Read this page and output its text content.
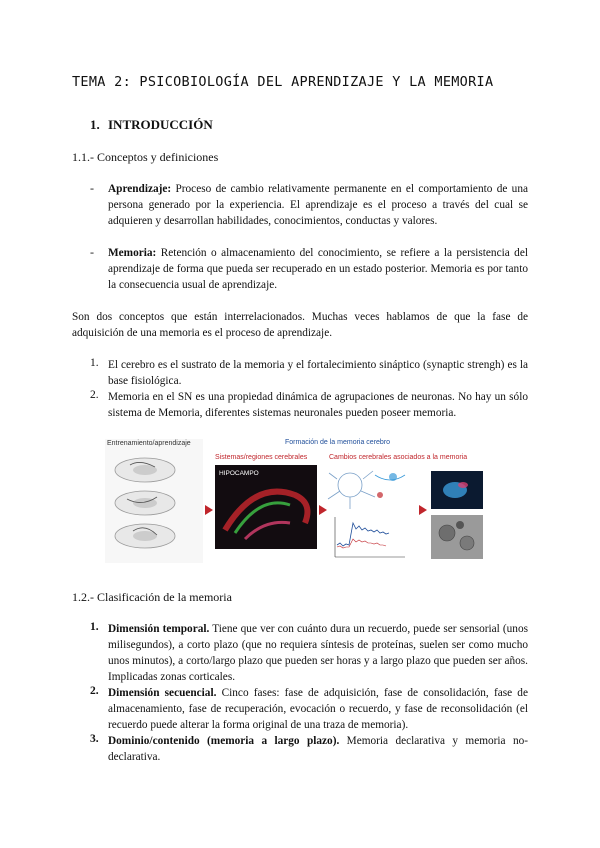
TEMA 2: PSICOBIOLOGÍA DEL APRENDIZAJE Y LA MEMORIA
1. INTRODUCCIÓN
1.1.- Conceptos y definiciones
- Aprendizaje: Proceso de cambio relativamente permanente en el comportamiento de una persona generado por la experiencia. El aprendizaje es el proceso a través del cual se adquieren y desarrollan habilidades, conocimientos, conductas y valores.
- Memoria: Retención o almacenamiento del conocimiento, se refiere a la persistencia del aprendizaje de forma que pueda ser recuperado en un estado posterior. Memoria es por tanto la consecuencia usual de aprendizaje.
Son dos conceptos que están interrelacionados. Muchas veces hablamos de que la fase de adquisición de una memoria es el proceso de aprendizaje.
1. El cerebro es el sustrato de la memoria y el fortalecimiento sináptico (synaptic strengh) es la base fisiológica.
2. Memoria en el SN es una propiedad dinámica de agrupaciones de neuronas. No hay un sólo sistema de Memoria, diferentes sistemas neuronales pueden poseer memoria.
Entrenamiento/aprendizaje	Formación de la memoria cerebro
Sistemas/regiones cerebrales	Cambios cerebrales asociados a la memoria
HIPOCAMPO
1.2.- Clasificación de la memoria
1. Dimensión temporal. Tiene que ver con cuánto dura un recuerdo, puede ser sensorial (unos milisegundos), a corto plazo (que no requiera síntesis de proteínas, suelen ser como mucho unos minutos), a corto/largo plazo que pueden ser horas y a largo plazo que pueden ser años. Implicadas zonas corticales.
2. Dimensión secuencial. Cinco fases: fase de adquisición, fase de consolidación, fase de almacenamiento, fase de recuperación, evocación o recuerdo, y fase de reconsolidación (el recuerdo puede alterar la forma original de una traza de memoria).
3. Dominio/contenido (memoria a largo plazo). Memoria declarativa y memoria no-declarativa.
